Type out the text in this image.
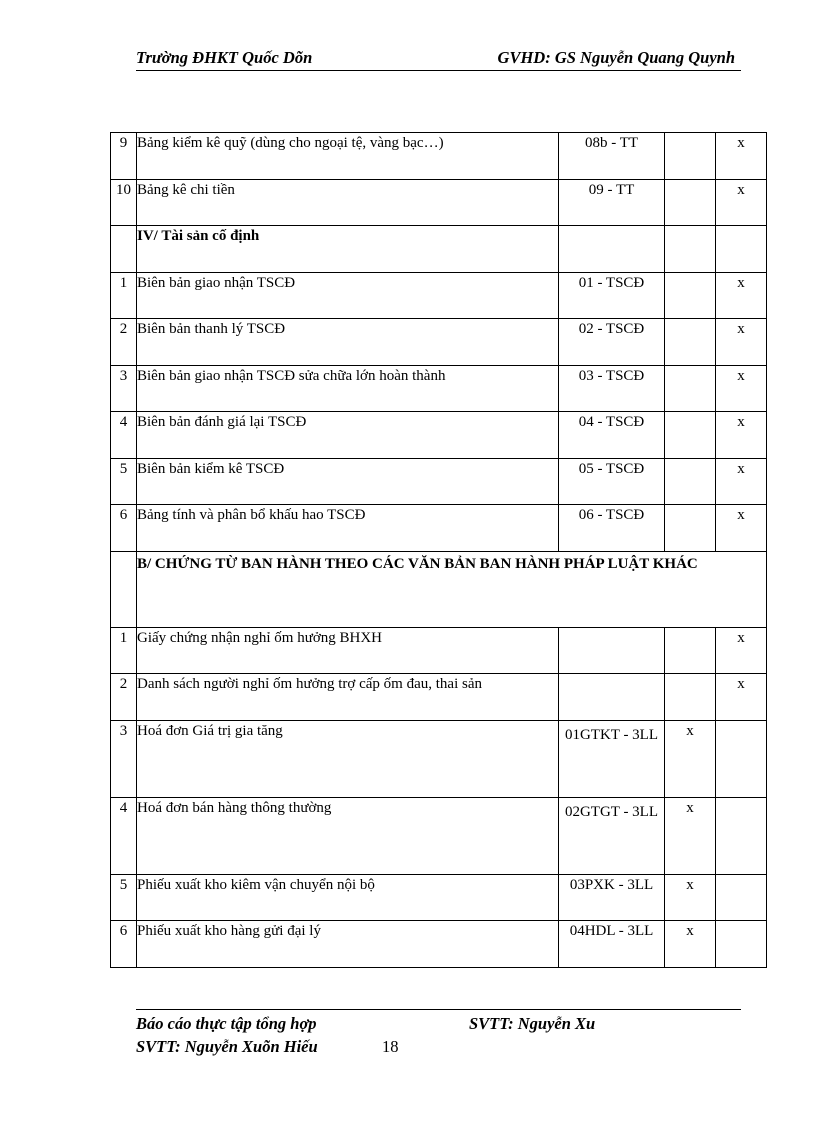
Trường ĐHKT Quốc Dõn	GVHD: GS Nguyễn Quang Quynh
9	Bảng kiểm kê quỹ (dùng cho ngoại tệ, vàng bạc…)	08b - TT		x
10	Bảng kê chi tiền	09 - TT		x
	IV/ Tài sản cố định			
1	Biên bản giao nhận TSCĐ	01 - TSCĐ		x
2	Biên bản thanh lý TSCĐ	02 - TSCĐ		x
3	Biên bản giao nhận TSCĐ sửa chữa lớn hoàn thành	03 - TSCĐ		x
4	Biên bản đánh giá lại TSCĐ	04 - TSCĐ		x
5	Biên bản kiểm kê TSCĐ	05 - TSCĐ		x
6	Bảng tính và phân bổ khấu hao TSCĐ	06 - TSCĐ		x
	B/ CHỨNG TỪ BAN HÀNH THEO CÁC VĂN BẢN BAN HÀNH PHÁP LUẬT KHÁC			
1	Giấy chứng nhận nghỉ ốm hưởng BHXH			x
2	Danh sách người nghỉ ốm hưởng trợ cấp ốm đau, thai sản			x
3	Hoá đơn Giá trị gia tăng	01GTKT - 3LL	x	
4	Hoá đơn bán hàng thông thường	02GTGT - 3LL	x	
5	Phiếu xuất kho kiêm vận chuyển nội bộ	03PXK - 3LL	x	
6	Phiếu xuất kho hàng gửi đại lý	04HDL - 3LL	x	
Báo cáo thực tập tổng hợp	SVTT: Nguyễn Xu
SVTT: Nguyễn Xuõn Hiếu	18
